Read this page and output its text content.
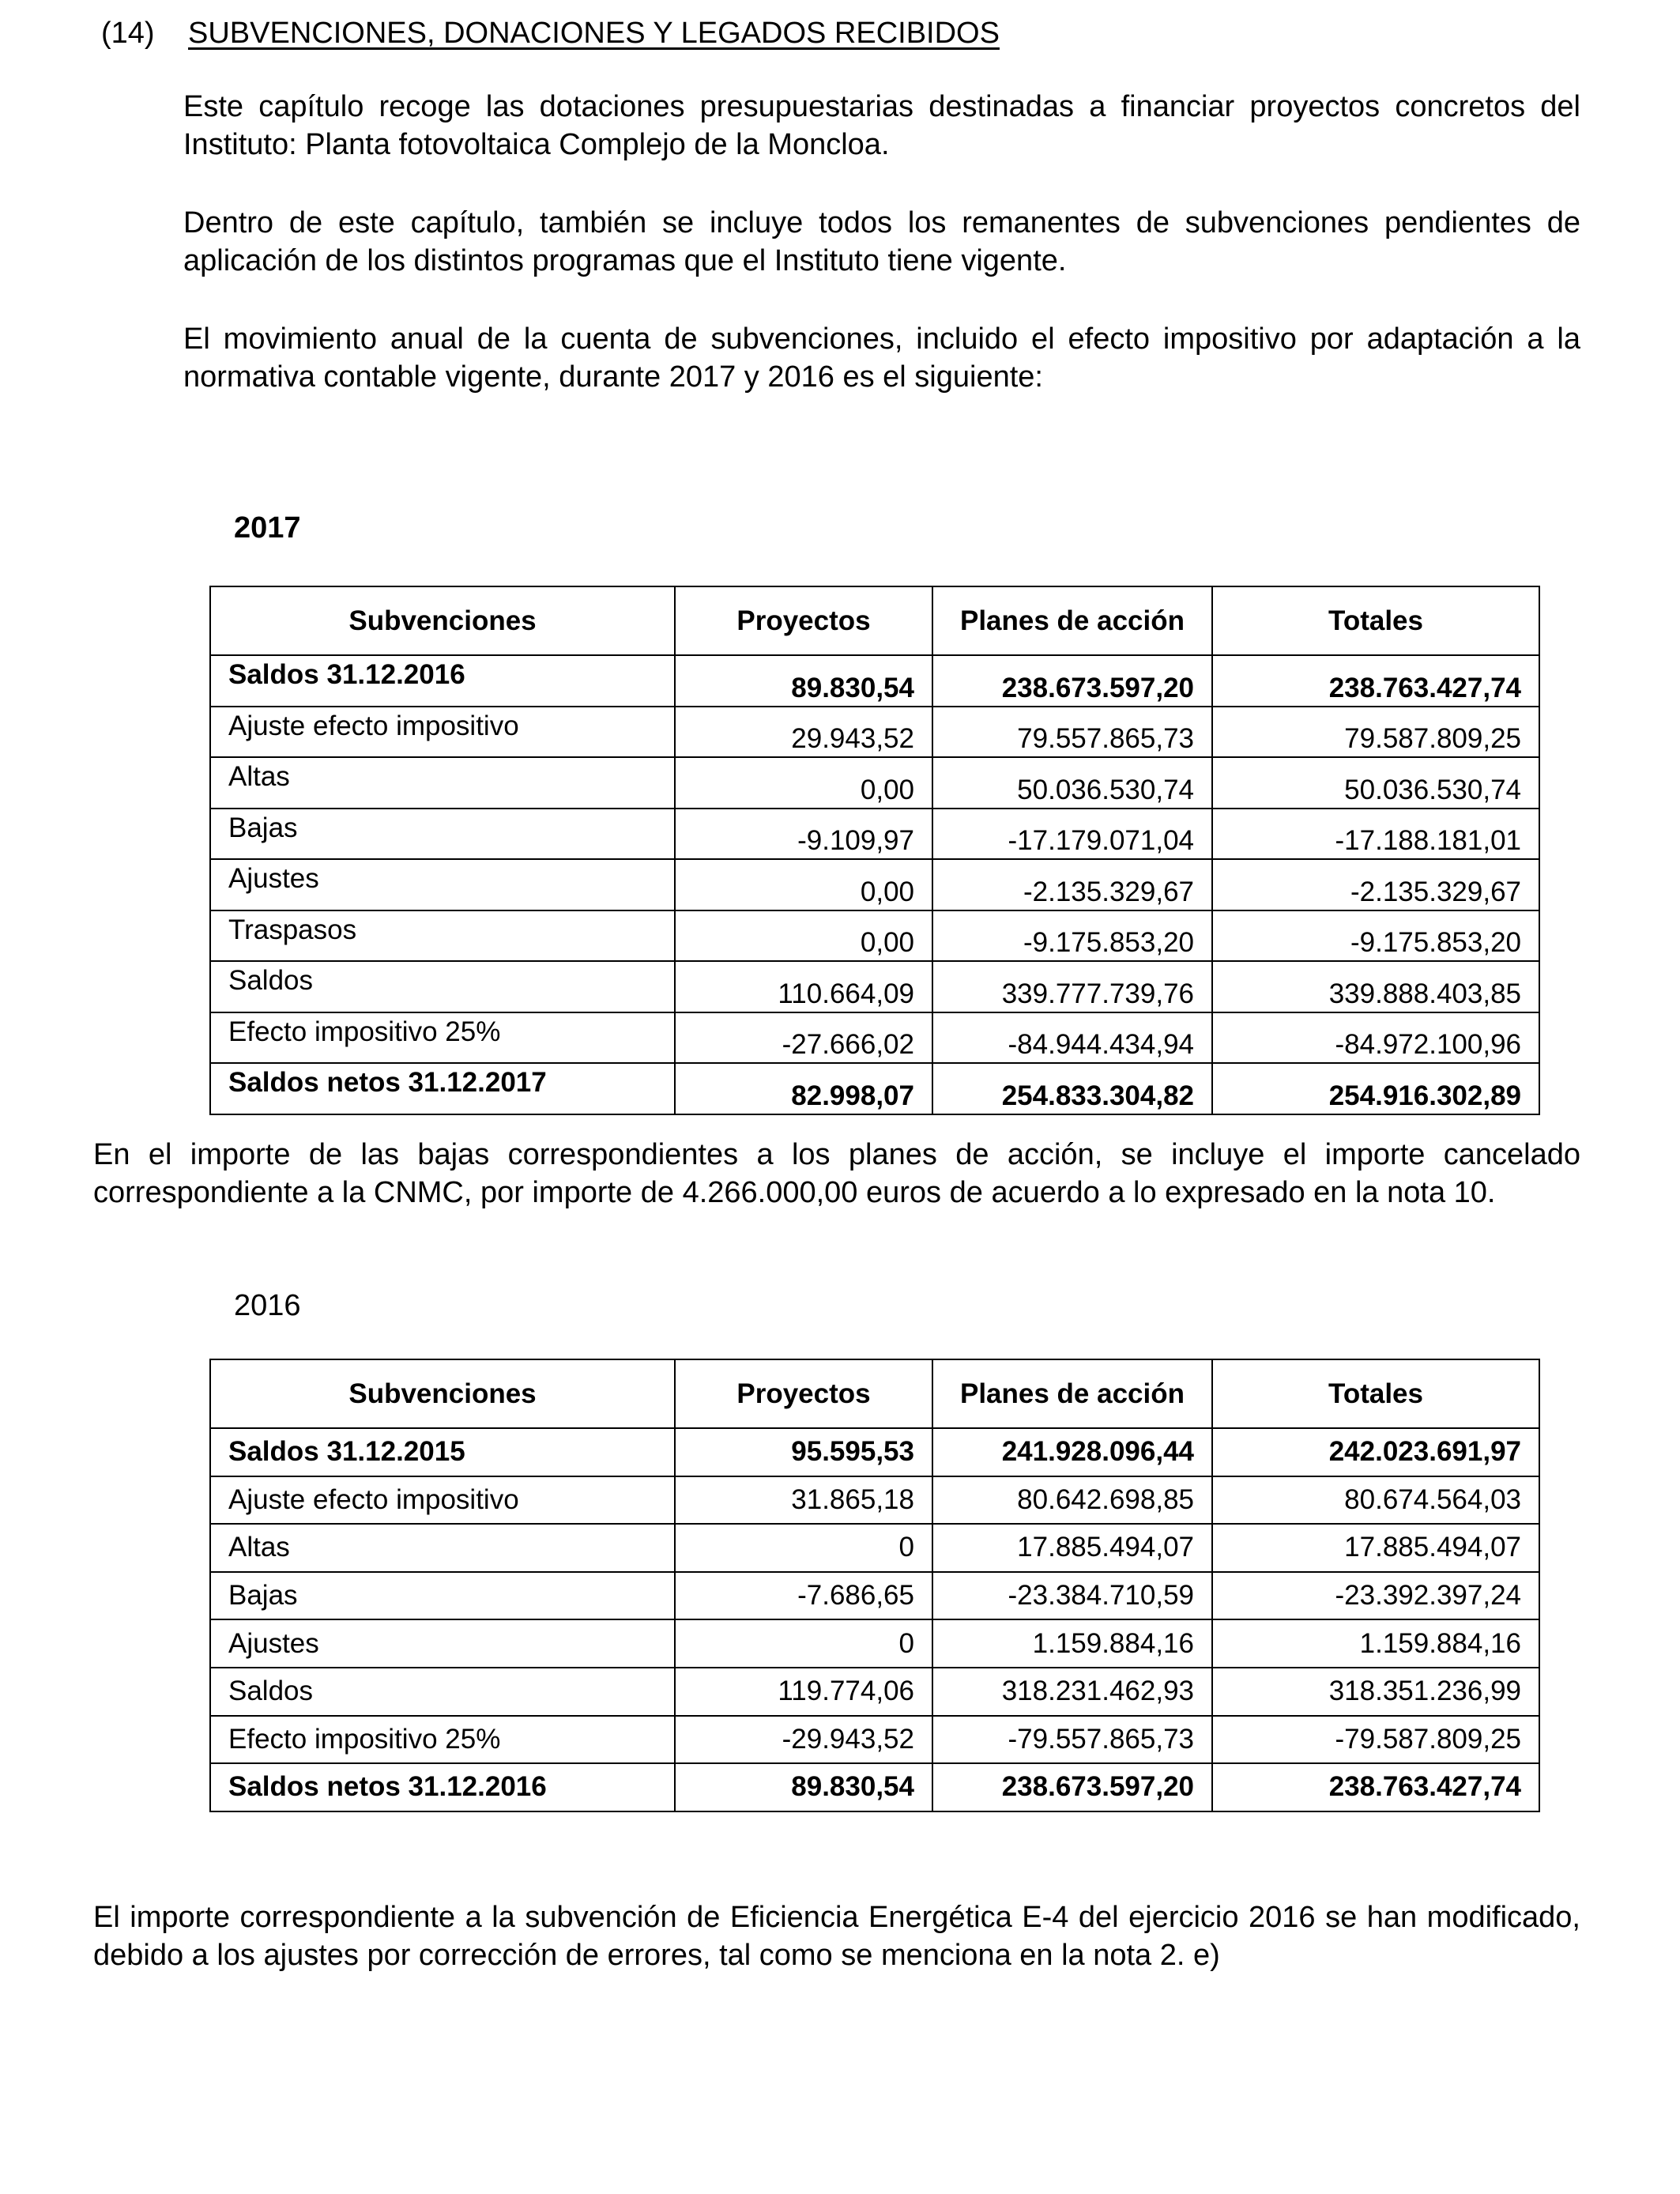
(14) SUBVENCIONES, DONACIONES Y LEGADOS RECIBIDOS

Este capítulo recoge las dotaciones presupuestarias destinadas a financiar proyectos concretos del Instituto: Planta fotovoltaica Complejo de la Moncloa.

Dentro de este capítulo, también se incluye todos los remanentes de subvenciones pendientes de aplicación de los distintos programas que el Instituto tiene vigente.

El movimiento anual de la cuenta de subvenciones, incluido el efecto impositivo por adaptación a la normativa contable vigente, durante 2017 y 2016 es el siguiente:

2017
Subvenciones	Proyectos	Planes de acción	Totales
Saldos 31.12.2016	89.830,54	238.673.597,20	238.763.427,74
Ajuste efecto impositivo	29.943,52	79.557.865,73	79.587.809,25
Altas	0,00	50.036.530,74	50.036.530,74
Bajas	-9.109,97	-17.179.071,04	-17.188.181,01
Ajustes	0,00	-2.135.329,67	-2.135.329,67
Traspasos	0,00	-9.175.853,20	-9.175.853,20
Saldos	110.664,09	339.777.739,76	339.888.403,85
Efecto impositivo 25%	-27.666,02	-84.944.434,94	-84.972.100,96
Saldos netos 31.12.2017	82.998,07	254.833.304,82	254.916.302,89

En el importe de las bajas correspondientes a los planes de acción, se incluye el importe cancelado correspondiente a la CNMC, por importe de 4.266.000,00 euros de acuerdo a lo expresado en la nota 10.

2016
Subvenciones	Proyectos	Planes de acción	Totales
Saldos 31.12.2015	95.595,53	241.928.096,44	242.023.691,97
Ajuste efecto impositivo	31.865,18	80.642.698,85	80.674.564,03
Altas	0	17.885.494,07	17.885.494,07
Bajas	-7.686,65	-23.384.710,59	-23.392.397,24
Ajustes	0	1.159.884,16	1.159.884,16
Saldos	119.774,06	318.231.462,93	318.351.236,99
Efecto impositivo 25%	-29.943,52	-79.557.865,73	-79.587.809,25
Saldos netos 31.12.2016	89.830,54	238.673.597,20	238.763.427,74

El importe correspondiente a la subvención de Eficiencia Energética E-4 del ejercicio 2016 se han modificado, debido a los ajustes por corrección de errores, tal como se menciona en la nota 2. e)
